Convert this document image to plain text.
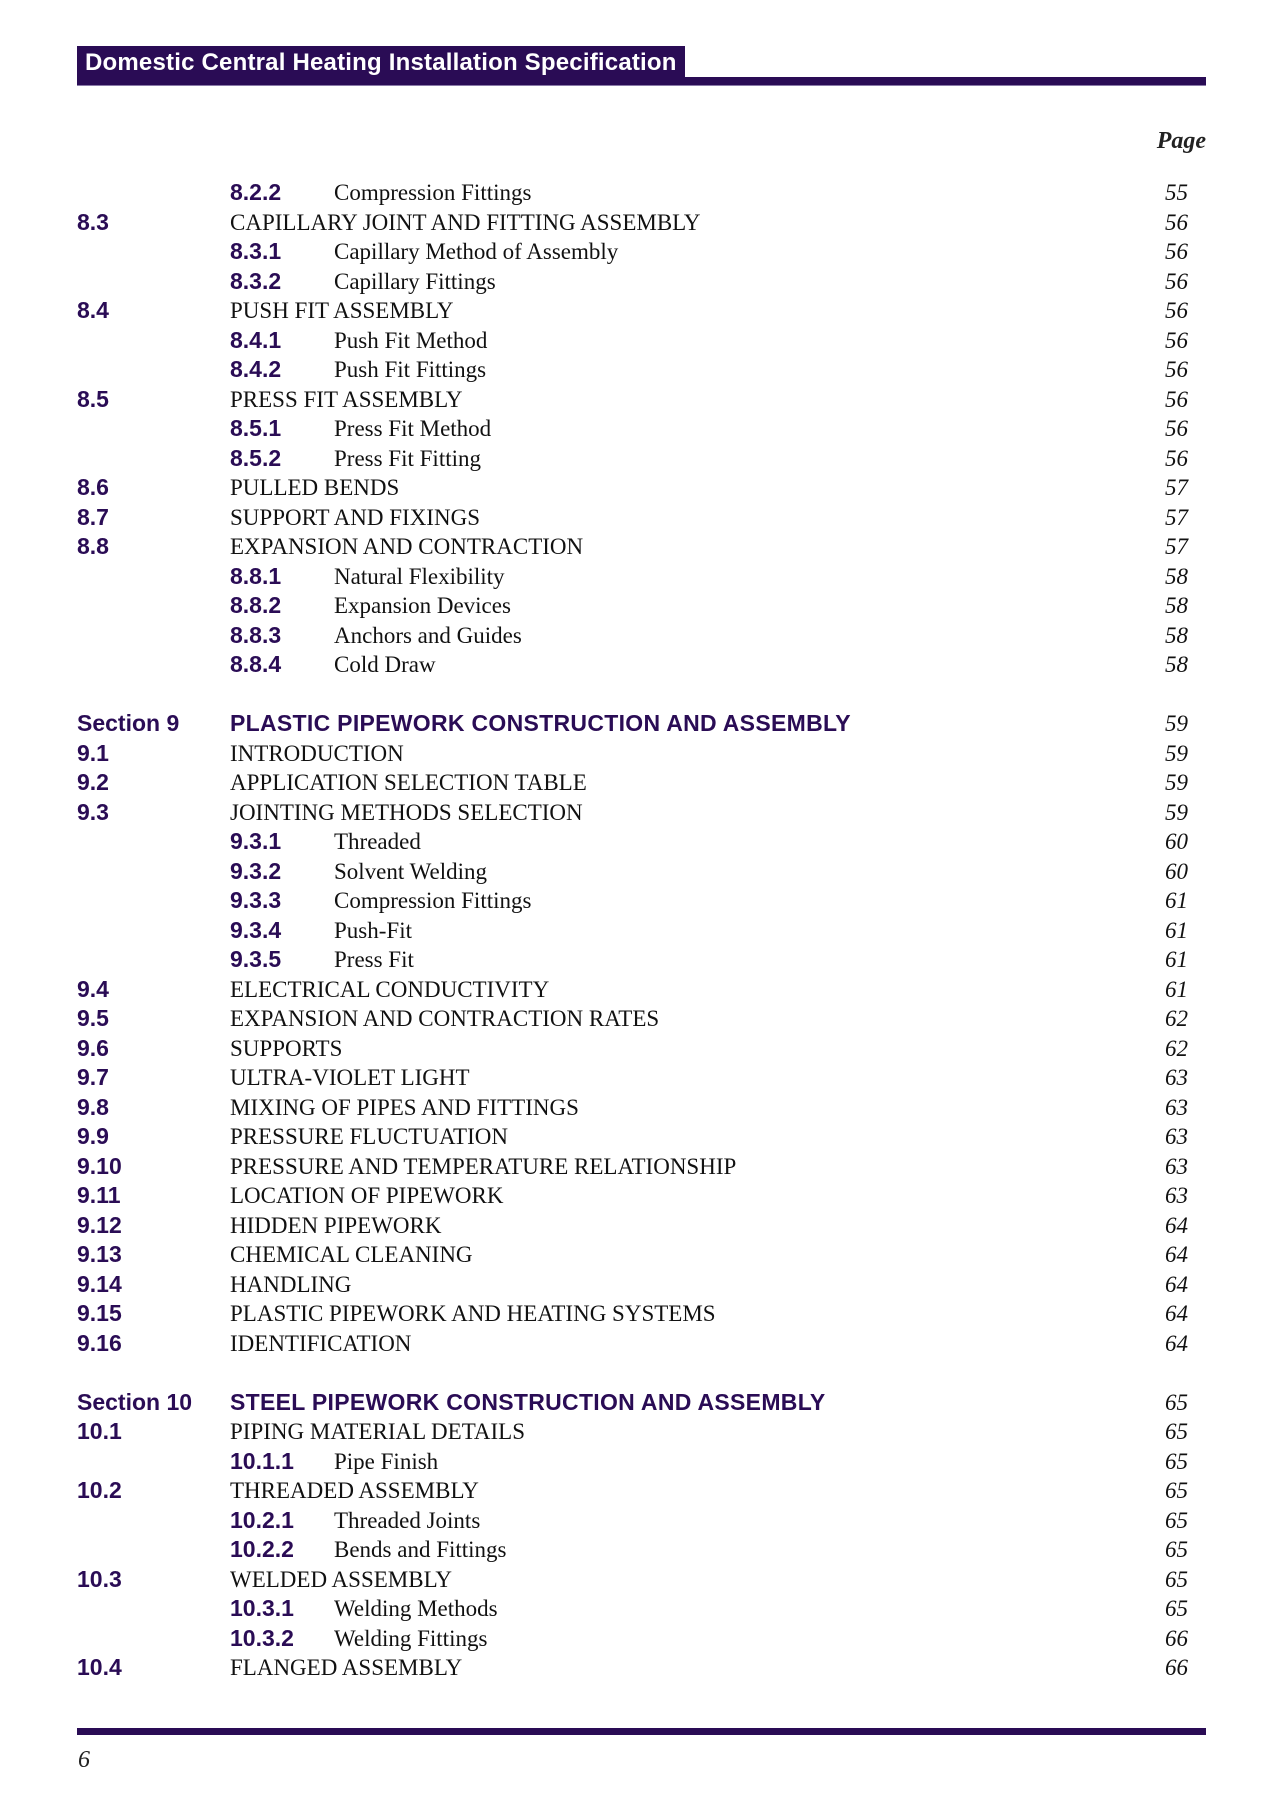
Domestic Central Heating Installation Specification
Page
8.2.2 Compression Fittings	55
8.3	CAPILLARY JOINT AND FITTING ASSEMBLY	56
8.3.1 Capillary Method of Assembly	56
8.3.2 Capillary Fittings	56
8.4	PUSH FIT ASSEMBLY	56
8.4.1 Push Fit Method	56
8.4.2 Push Fit Fittings	56
8.5	PRESS FIT ASSEMBLY	56
8.5.1 Press Fit Method	56
8.5.2 Press Fit Fitting	56
8.6	PULLED BENDS	57
8.7	SUPPORT AND FIXINGS	57
8.8	EXPANSION AND CONTRACTION	57
8.8.1 Natural Flexibility	58
8.8.2 Expansion Devices	58
8.8.3 Anchors and Guides	58
8.8.4 Cold Draw	58
Section 9 PLASTIC PIPEWORK CONSTRUCTION AND ASSEMBLY	59
9.1	INTRODUCTION	59
9.2	APPLICATION SELECTION TABLE	59
9.3	JOINTING METHODS SELECTION	59
9.3.1 Threaded	60
9.3.2 Solvent Welding	60
9.3.3 Compression Fittings	61
9.3.4 Push-Fit	61
9.3.5 Press Fit	61
9.4	ELECTRICAL CONDUCTIVITY	61
9.5	EXPANSION AND CONTRACTION RATES	62
9.6	SUPPORTS	62
9.7	ULTRA-VIOLET LIGHT	63
9.8	MIXING OF PIPES AND FITTINGS	63
9.9	PRESSURE FLUCTUATION	63
9.10	PRESSURE AND TEMPERATURE RELATIONSHIP	63
9.11	LOCATION OF PIPEWORK	63
9.12	HIDDEN PIPEWORK	64
9.13	CHEMICAL CLEANING	64
9.14	HANDLING	64
9.15	PLASTIC PIPEWORK AND HEATING SYSTEMS	64
9.16	IDENTIFICATION	64
Section 10 STEEL PIPEWORK CONSTRUCTION AND ASSEMBLY	65
10.1	PIPING MATERIAL DETAILS	65
10.1.1 Pipe Finish	65
10.2	THREADED ASSEMBLY	65
10.2.1 Threaded Joints	65
10.2.2 Bends and Fittings	65
10.3	WELDED ASSEMBLY	65
10.3.1 Welding Methods	65
10.3.2 Welding Fittings	66
10.4	FLANGED ASSEMBLY	66
6
